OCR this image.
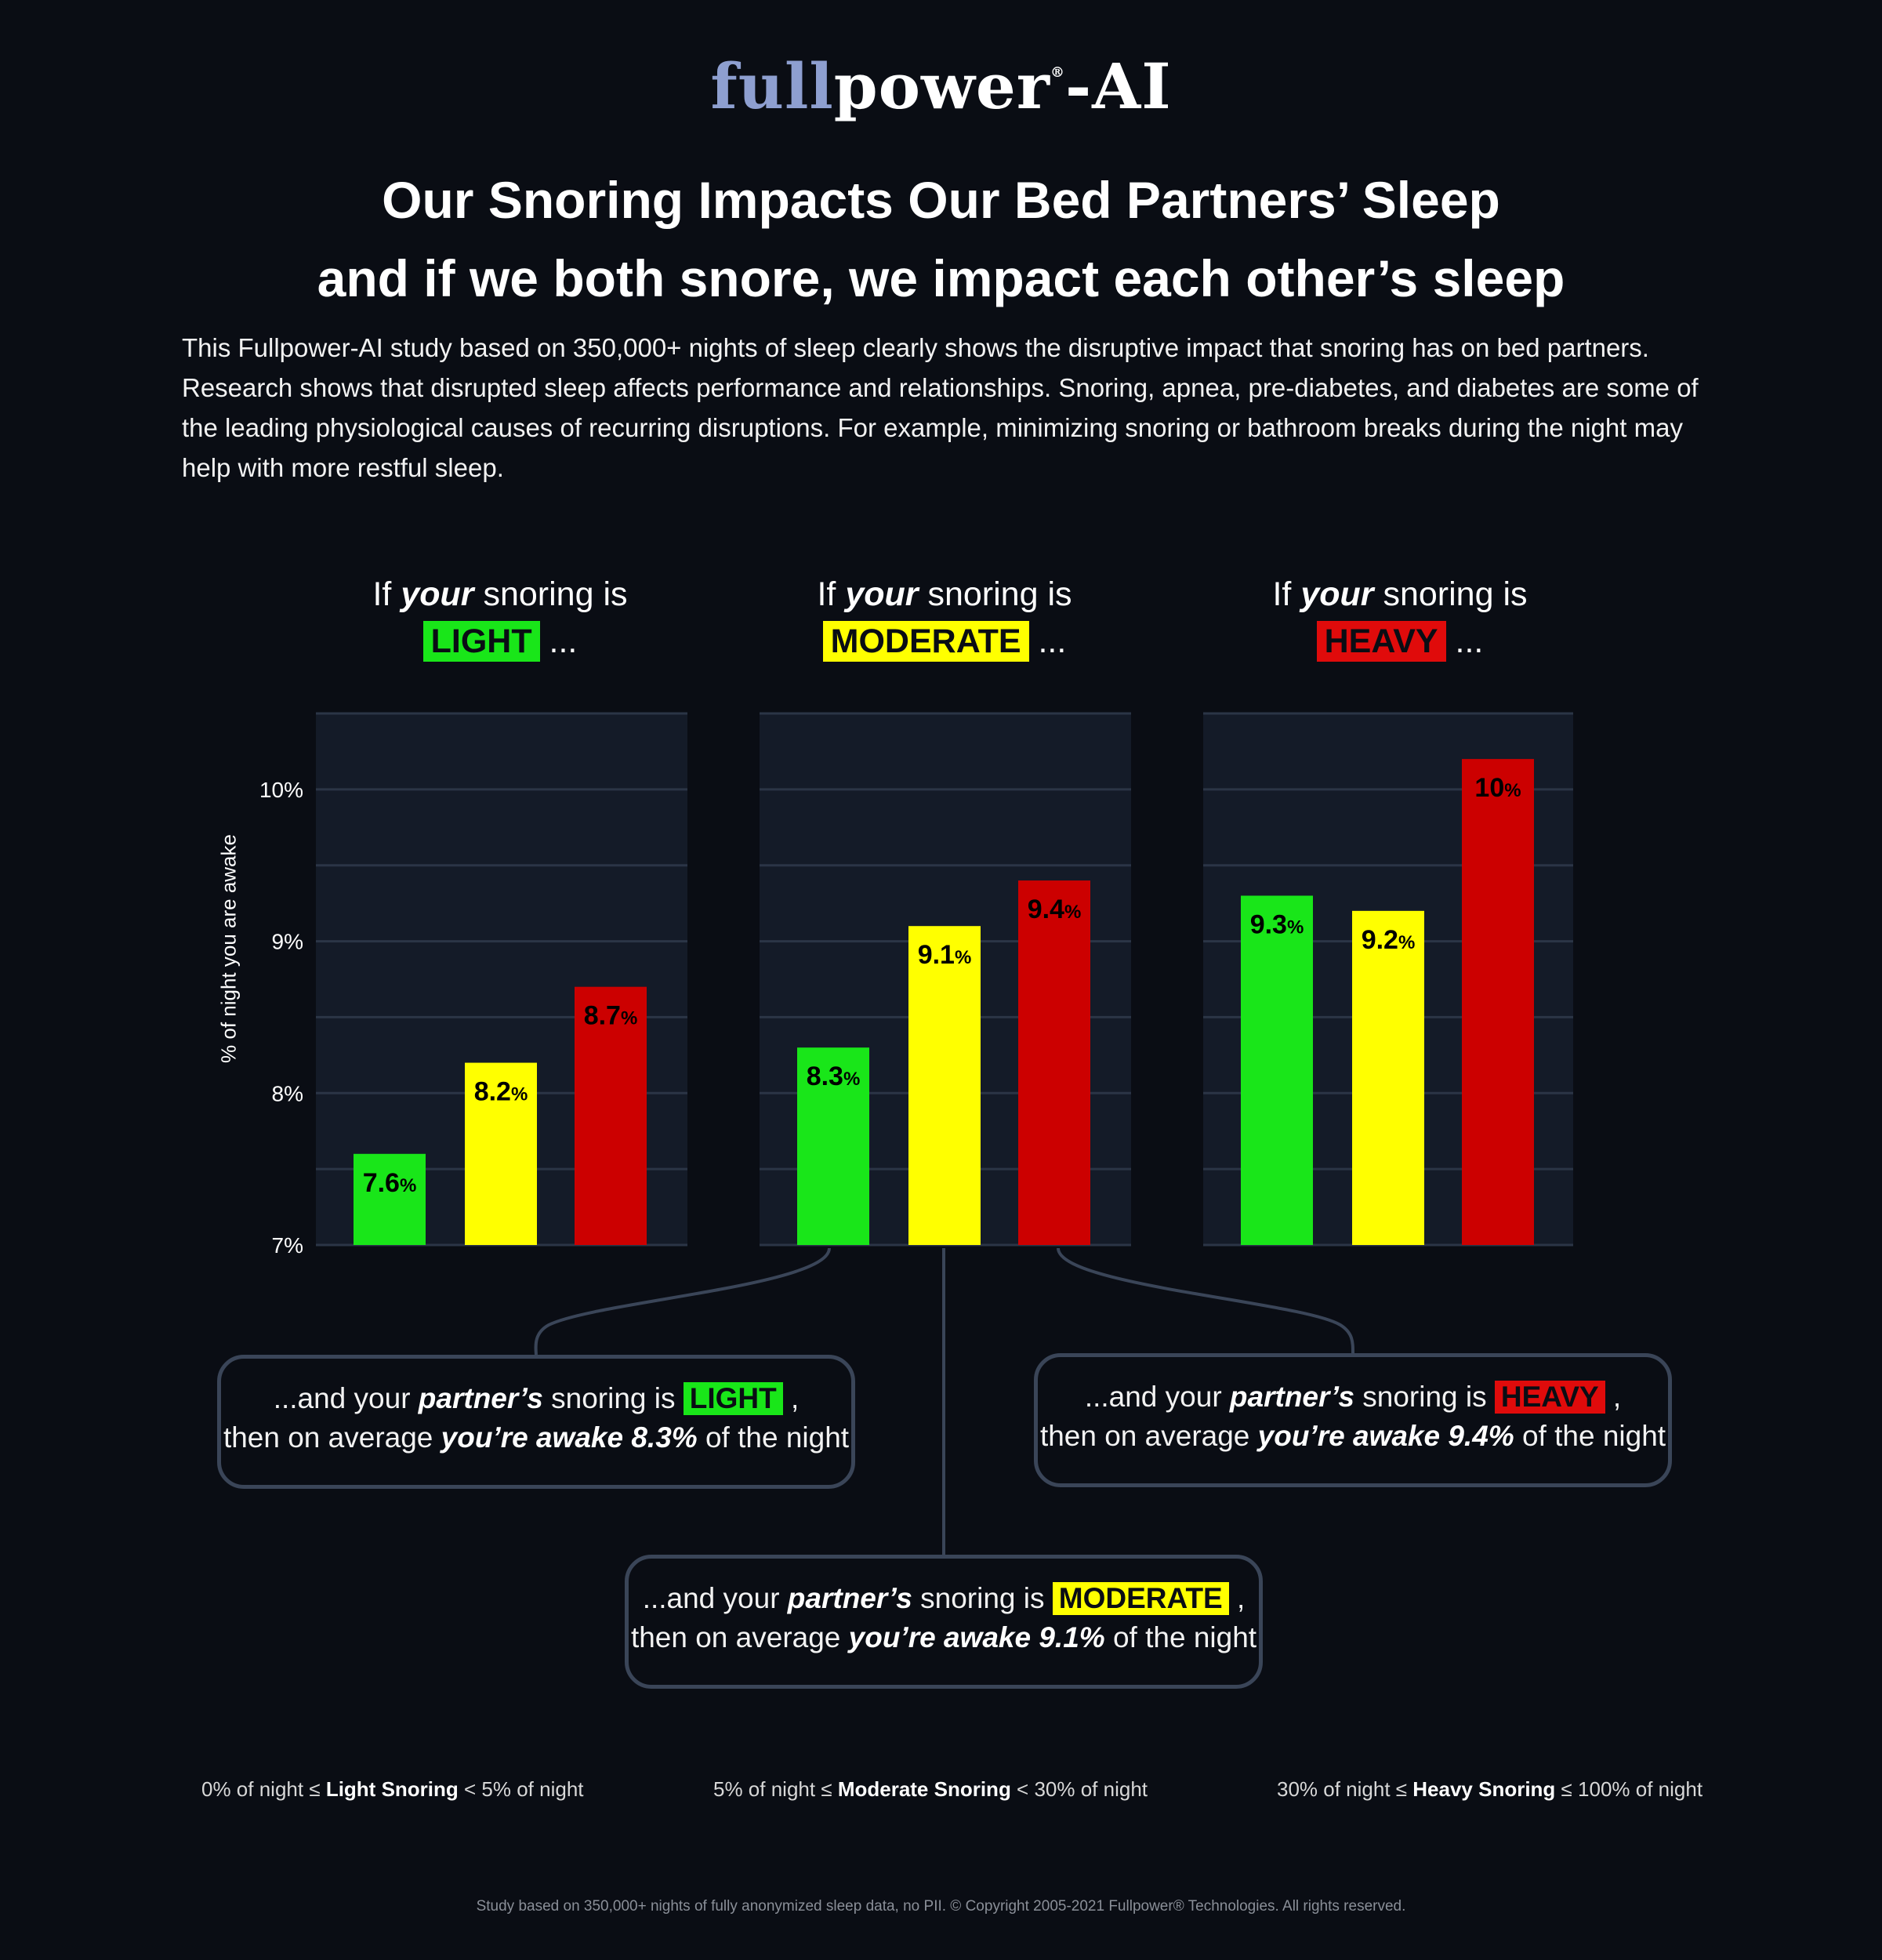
fullpower®-AI
Our Snoring Impacts Our Bed Partners’ Sleep
and if we both snore, we impact each other’s sleep
This Fullpower-AI study based on 350,000+ nights of sleep clearly shows the disruptive impact that snoring has on bed partners. Research shows that disrupted sleep affects performance and relationships. Snoring, apnea, pre-diabetes, and diabetes are some of the leading physiological causes of recurring disruptions. For example, minimizing snoring or bathroom breaks during the night may help with more restful sleep.
If your snoring is
LIGHT ...
If your snoring is
MODERATE ...
If your snoring is
HEAVY ...
% of night you are awake
10%
9%
8%
7%
7.6%
8.2%
8.7%
8.3%
9.1%
9.4%	9.3% 9.2%
10%
...and your partner’s snoring is LIGHT ,
then on average you’re awake 8.3% of the night
...and your partner’s snoring is HEAVY ,
then on average you’re awake 9.4% of the night
...and your partner’s snoring is MODERATE ,
then on average you’re awake 9.1% of the night
0% of night ≤ Light Snoring < 5% of night	5% of night ≤ Moderate Snoring < 30% of night	30% of night ≤ Heavy Snoring ≤ 100% of night
Study based on 350,000+ nights of fully anonymized sleep data, no PII. © Copyright 2005-2021 Fullpower® Technologies. All rights reserved.
